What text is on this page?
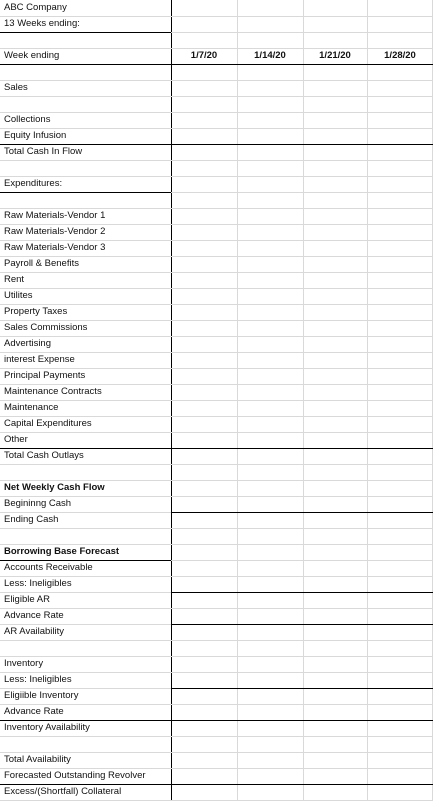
ABC Company
13 Weeks ending:
Week ending	1/7/20	1/14/20	1/21/20	1/28/20
Sales
Collections
Equity Infusion
Total Cash In Flow
Expenditures:
Raw Materials-Vendor 1
Raw Materials-Vendor 2
Raw Materials-Vendor 3
Payroll & Benefits
Rent
Utilites
Property Taxes
Sales Commissions
Advertising
interest Expense
Principal Payments
Maintenance Contracts
Maintenance
Capital Expenditures
Other
Total Cash Outlays
Net Weekly Cash Flow
Begininng Cash
Ending Cash
Borrowing Base Forecast
Accounts Receivable
Less: Ineligibles
Eligible AR
Advance Rate
AR Availability
Inventory
Less: Ineligibles
Eligiible Inventory
Advance Rate
Inventory Availability
Total Availability
Forecasted Outstanding Revolver
Excess/(Shortfall) Collateral
